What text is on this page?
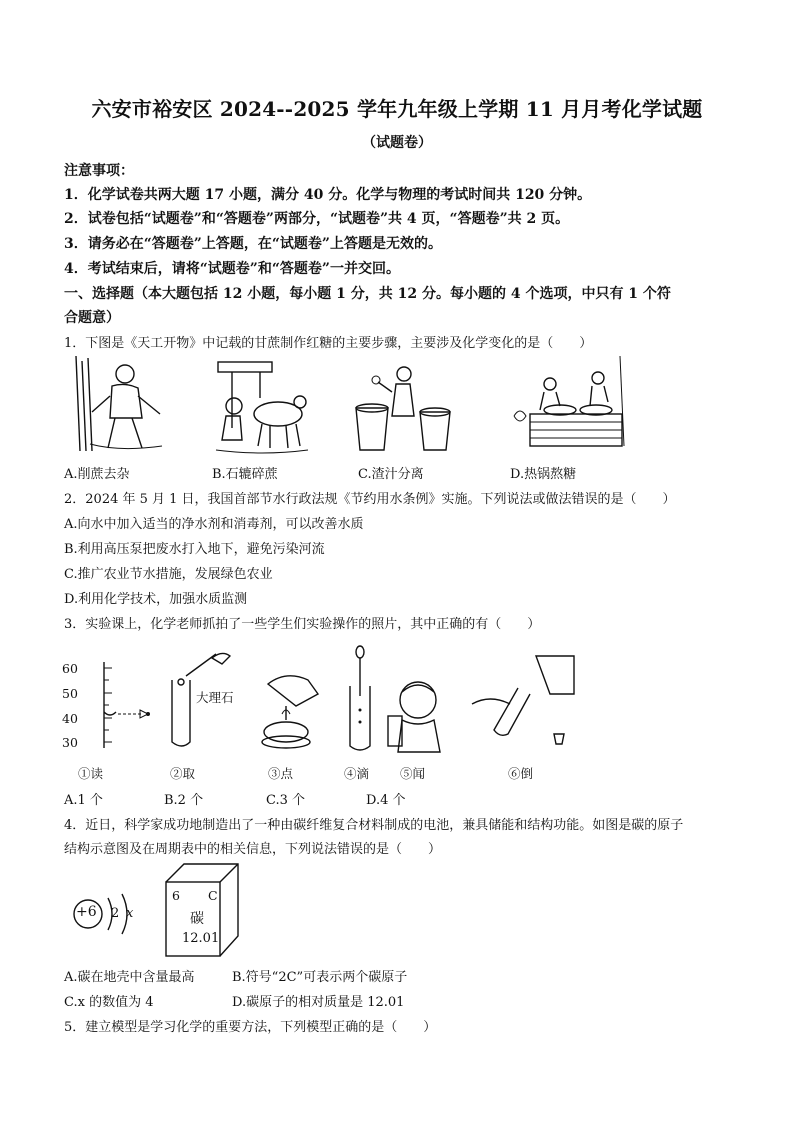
六安市裕安区 2024--2025 学年九年级上学期 11 月月考化学试题
（试题卷）
注意事项：
1．化学试卷共两大题 17 小题，满分 40 分。化学与物理的考试时间共 120 分钟。
2．试卷包括“试题卷”和“答题卷”两部分，“试题卷”共 4 页，“答题卷”共 2 页。
3．请务必在“答题卷”上答题，在“试题卷”上答题是无效的。
4．考试结束后，请将“试题卷”和“答题卷”一并交回。
一、选择题（本大题包括 12 小题，每小题 1 分，共 12 分。每小题的 4 个选项，中只有 1 个符
合题意）
1．下图是《天工开物》中记载的甘蔗制作红糖的主要步骤，主要涉及化学变化的是（　　）
A.削蔗去杂	B.石辘碎蔗	C.渣汁分离	D.热锅熬糖
2．2024 年 5 月 1 日，我国首部节水行政法规《节约用水条例》实施。下列说法或做法错误的是（　　）
A.向水中加入适当的净水剂和消毒剂，可以改善水质
B.利用高压泵把废水打入地下，避免污染河流
C.推广农业节水措施，发展绿色农业
D.利用化学技术，加强水质监测
3．实验课上，化学老师抓拍了一些学生们实验操作的照片，其中正确的有（　　）
60
50
40
30
大理石
①读	②取	③点	④滴 ⑤闻	⑥倒
A.1 个	B.2 个	C.3 个	D.4 个
4．近日，科学家成功地制造出了一种由碳纤维复合材料制成的电池，兼具储能和结构功能。如图是碳的原子
结构示意图及在周期表中的相关信息，下列说法错误的是（　　）
+6 2 x
6 C
碳
12.01
A.碳在地壳中含量最高	B.符号“2C”可表示两个碳原子
C.x 的数值为 4	D.碳原子的相对质量是 12.01
5．建立模型是学习化学的重要方法，下列模型正确的是（　　）
